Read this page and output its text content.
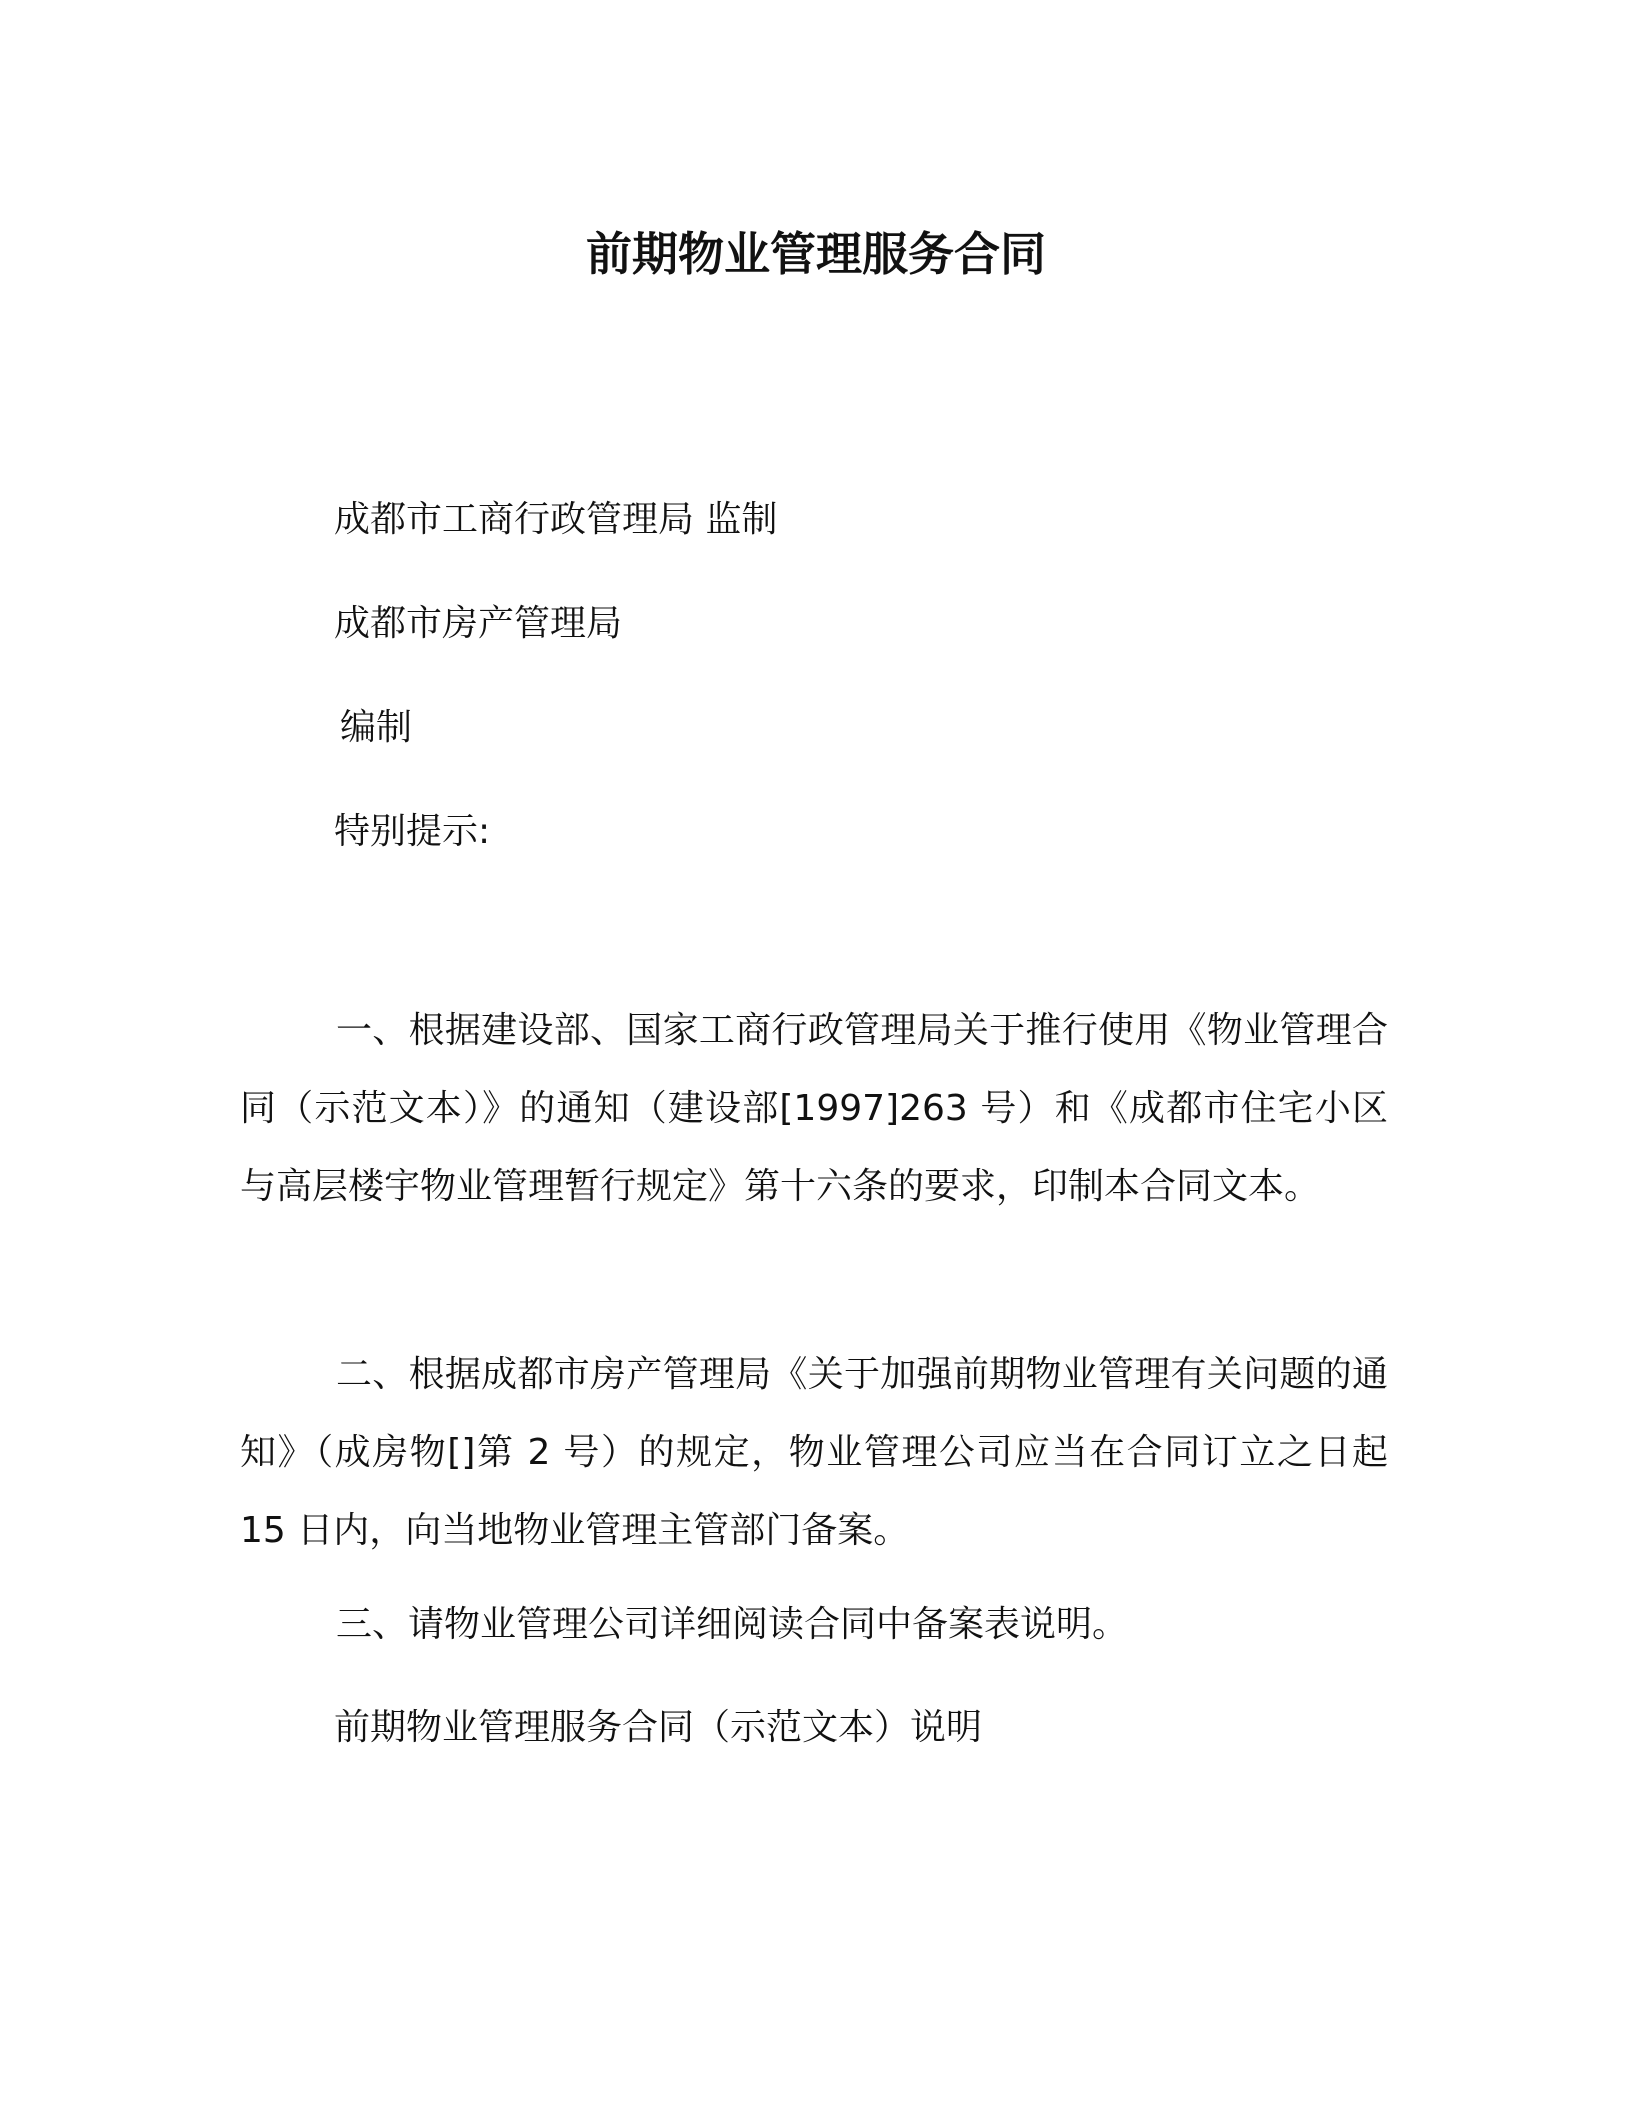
前期物业管理服务合同
成都市工商行政管理局 监制
成都市房产管理局
编制
特别提示:
一、根据建设部、国家工商行政管理局关于推行使用《物业管理合同（示范文本）》的通知（建设部[1997]263 号）和《成都市住宅小区与高层楼宇物业管理暂行规定》第十六条的要求，印制本合同文本。
二、根据成都市房产管理局《关于加强前期物业管理有关问题的通知》（成房物[]第 2 号）的规定，物业管理公司应当在合同订立之日起 15 日内，向当地物业管理主管部门备案。
三、请物业管理公司详细阅读合同中备案表说明。
前期物业管理服务合同（示范文本）说明
